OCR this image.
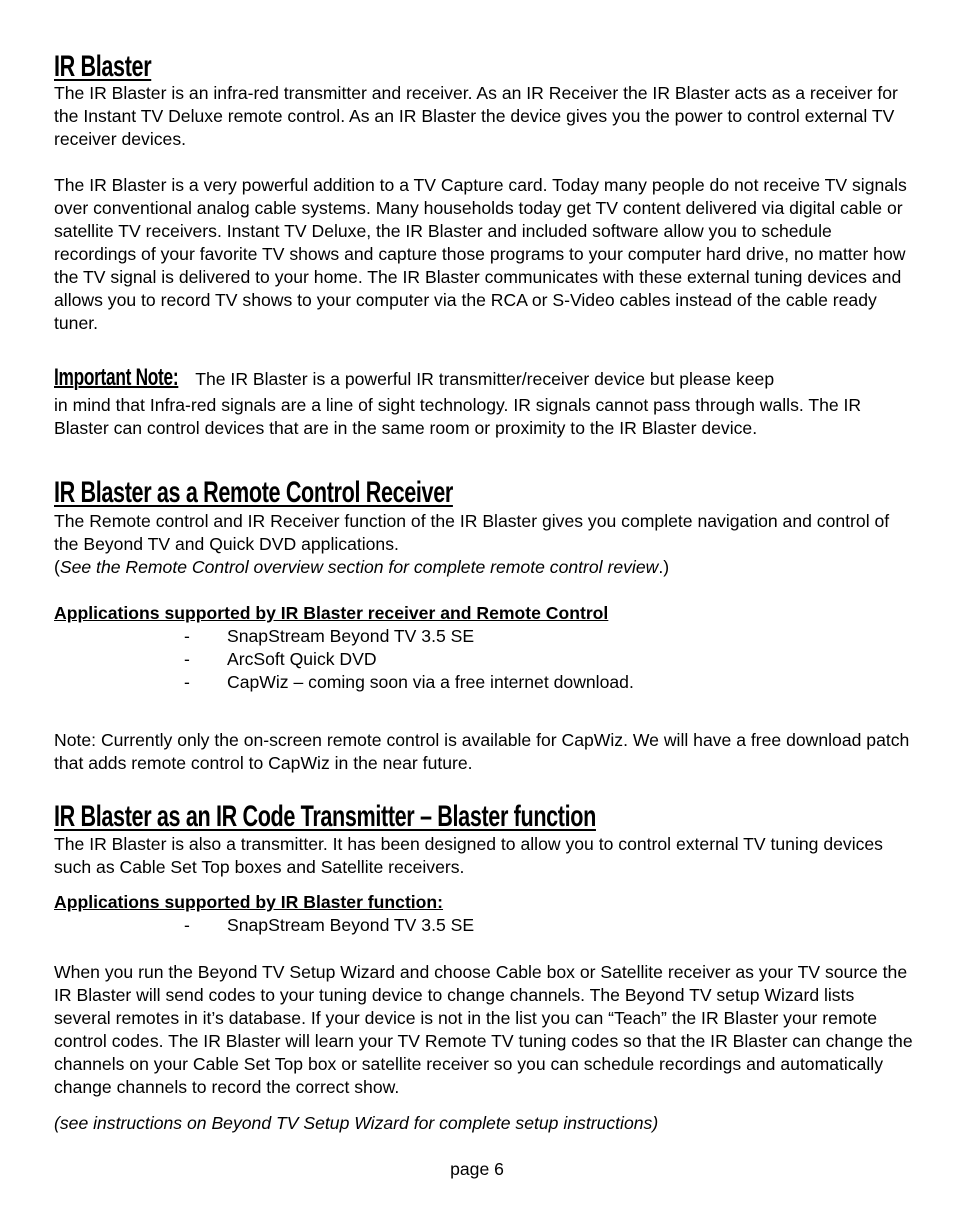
IR Blaster

The IR Blaster is an infra-red transmitter and receiver. As an IR Receiver the IR Blaster acts as a receiver for the Instant TV Deluxe remote control. As an IR Blaster the device gives you the power to control external TV receiver devices.

The IR Blaster is a very powerful addition to a TV Capture card. Today many people do not receive TV signals over conventional analog cable systems. Many households today get TV content delivered via digital cable or satellite TV receivers. Instant TV Deluxe, the IR Blaster and included software allow you to schedule recordings of your favorite TV shows and capture those programs to your computer hard drive, no matter how the TV signal is delivered to your home. The IR Blaster communicates with these external tuning devices and allows you to record TV shows to your computer via the RCA or S-Video cables instead of the cable ready tuner.

Important Note: The IR Blaster is a powerful IR transmitter/receiver device but please keep

in mind that Infra-red signals are a line of sight technology. IR signals cannot pass through walls. The IR Blaster can control devices that are in the same room or proximity to the IR Blaster device.

IR Blaster as a Remote Control Receiver

The Remote control and IR Receiver function of the IR Blaster gives you complete navigation and control of the Beyond TV and Quick DVD applications.

(See the Remote Control overview section for complete remote control review.)

Applications supported by IR Blaster receiver and Remote Control
- SnapStream Beyond TV 3.5 SE
- ArcSoft Quick DVD
- CapWiz – coming soon via a free internet download.

Note: Currently only the on-screen remote control is available for CapWiz. We will have a free download patch that adds remote control to CapWiz in the near future.

IR Blaster as an IR Code Transmitter – Blaster function

The IR Blaster is also a transmitter. It has been designed to allow you to control external TV tuning devices such as Cable Set Top boxes and Satellite receivers.

Applications supported by IR Blaster function:
- SnapStream Beyond TV 3.5 SE

When you run the Beyond TV Setup Wizard and choose Cable box or Satellite receiver as your TV source the IR Blaster will send codes to your tuning device to change channels. The Beyond TV setup Wizard lists several remotes in it’s database. If your device is not in the list you can “Teach” the IR Blaster your remote control codes. The IR Blaster will learn your TV Remote TV tuning codes so that the IR Blaster can change the channels on your Cable Set Top box or satellite receiver so you can schedule recordings and automatically change channels to record the correct show.

(see instructions on Beyond TV Setup Wizard for complete setup instructions)

page 6
